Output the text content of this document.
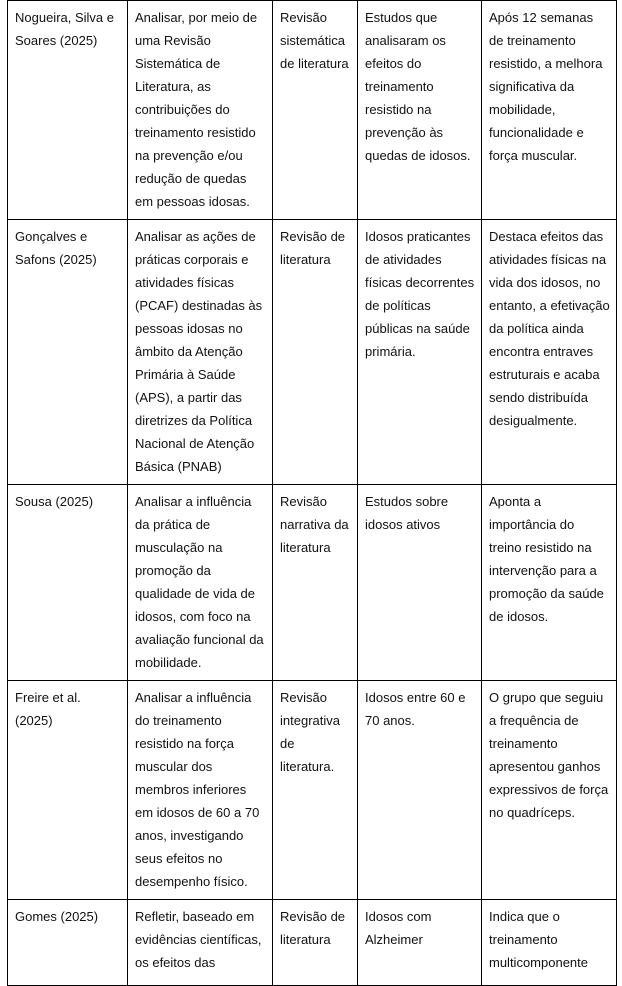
Nogueira, Silva e Soares (2025)	Analisar, por meio de uma Revisão Sistemática de Literatura, as contribuições do treinamento resistido na prevenção e/ou redução de quedas em pessoas idosas.	Revisão sistemática de literatura	Estudos que analisaram os efeitos do treinamento resistido na prevenção às quedas de idosos.	Após 12 semanas de treinamento resistido, a melhora significativa da mobilidade, funcionalidade e força muscular.

Gonçalves e Safons (2025)	Analisar as ações de práticas corporais e atividades físicas (PCAF) destinadas às pessoas idosas no âmbito da Atenção Primária à Saúde (APS), a partir das diretrizes da Política Nacional de Atenção Básica (PNAB)	Revisão de literatura	Idosos praticantes de atividades físicas decorrentes de políticas públicas na saúde primária.	Destaca efeitos das atividades físicas na vida dos idosos, no entanto, a efetivação da política ainda encontra entraves estruturais e acaba sendo distribuída desigualmente.

Sousa (2025)	Analisar a influência da prática de musculação na promoção da qualidade de vida de idosos, com foco na avaliação funcional da mobilidade.	Revisão narrativa da literatura	Estudos sobre idosos ativos	Aponta a importância do treino resistido na intervenção para a promoção da saúde de idosos.

Freire et al. (2025)	Analisar a influência do treinamento resistido na força muscular dos membros inferiores em idosos de 60 a 70 anos, investigando seus efeitos no desempenho físico.	Revisão integrativa de literatura.	Idosos entre 60 e 70 anos.	O grupo que seguiu a frequência de treinamento apresentou ganhos expressivos de força no quadríceps.

Gomes (2025)	Refletir, baseado em evidências científicas, os efeitos das	Revisão de literatura	Idosos com Alzheimer	Indica que o treinamento multicomponente
